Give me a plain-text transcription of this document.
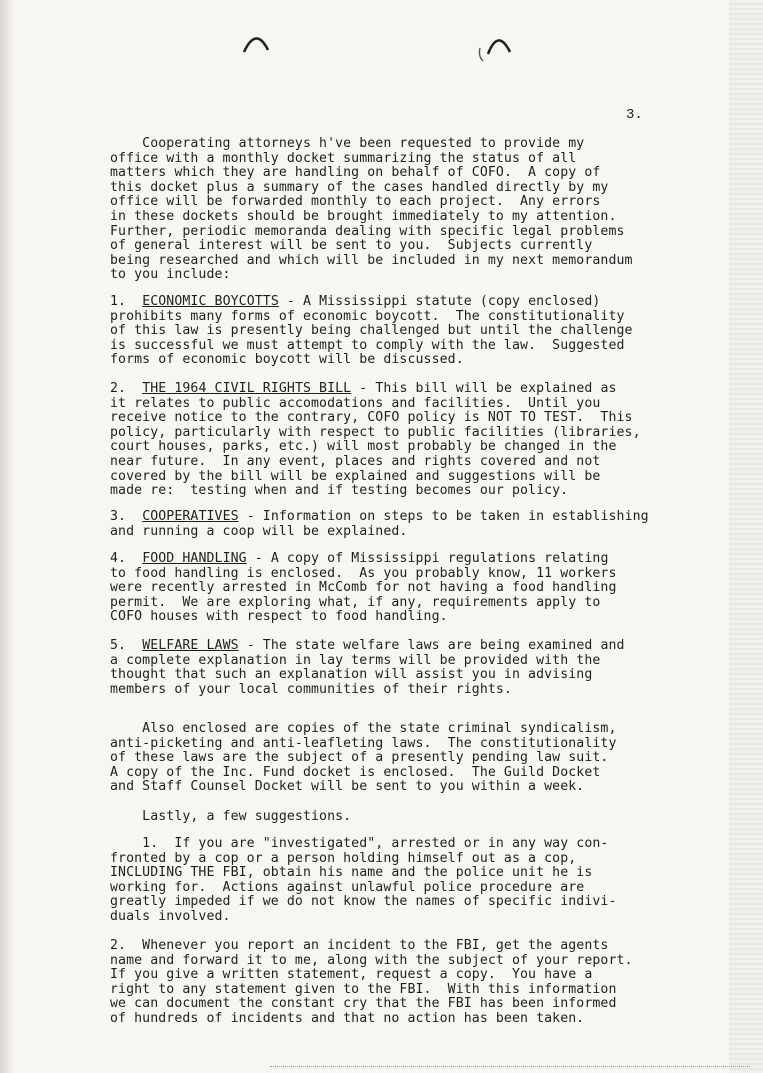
3.
Cooperating attorneys h've been requested to provide my
office with a monthly docket summarizing the status of all
matters which they are handling on behalf of COFO.  A copy of
this docket plus a summary of the cases handled directly by my
office will be forwarded monthly to each project.  Any errors
in these dockets should be brought immediately to my attention.
Further, periodic memoranda dealing with specific legal problems
of general interest will be sent to you.  Subjects currently
being researched and which will be included in my next memorandum
to you include:

1. ECONOMIC BOYCOTTS - A Mississippi statute (copy enclosed)
prohibits many forms of economic boycott.  The constitutionality
of this law is presently being challenged but until the challenge
is successful we must attempt to comply with the law.  Suggested
forms of economic boycott will be discussed.

2. THE 1964 CIVIL RIGHTS BILL - This bill will be explained as
it relates to public accomodations and facilities.  Until you
receive notice to the contrary, COFO policy is NOT TO TEST.  This
policy, particularly with respect to public facilities (libraries,
court houses, parks, etc.) will most probably be changed in the
near future.  In any event, places and rights covered and not
covered by the bill will be explained and suggestions will be
made re:  testing when and if testing becomes our policy.

3. COOPERATIVES - Information on steps to be taken in establishing
and running a coop will be explained.

4. FOOD HANDLING - A copy of Mississippi regulations relating
to food handling is enclosed.  As you probably know, 11 workers
were recently arrested in McComb for not having a food handling
permit.  We are exploring what, if any, requirements apply to
COFO houses with respect to food handling.

5. WELFARE LAWS - The state welfare laws are being examined and
a complete explanation in lay terms will be provided with the
thought that such an explanation will assist you in advising
members of your local communities of their rights.

Also enclosed are copies of the state criminal syndicalism,
anti-picketing and anti-leafleting laws.  The constitutionality
of these laws are the subject of a presently pending law suit.
A copy of the Inc. Fund docket is enclosed.  The Guild Docket
and Staff Counsel Docket will be sent to you within a week.

Lastly, a few suggestions.
1.  If you are "investigated", arrested or in any way con-
fronted by a cop or a person holding himself out as a cop,
INCLUDING THE FBI, obtain his name and the police unit he is
working for.  Actions against unlawful police procedure are
greatly impeded if we do not know the names of specific indivi-
duals involved.

2.  Whenever you report an incident to the FBI, get the agents
name and forward it to me, along with the subject of your report.
If you give a written statement, request a copy.  You have a
right to any statement given to the FBI.  With this information
we can document the constant cry that the FBI has been informed
of hundreds of incidents and that no action has been taken.
